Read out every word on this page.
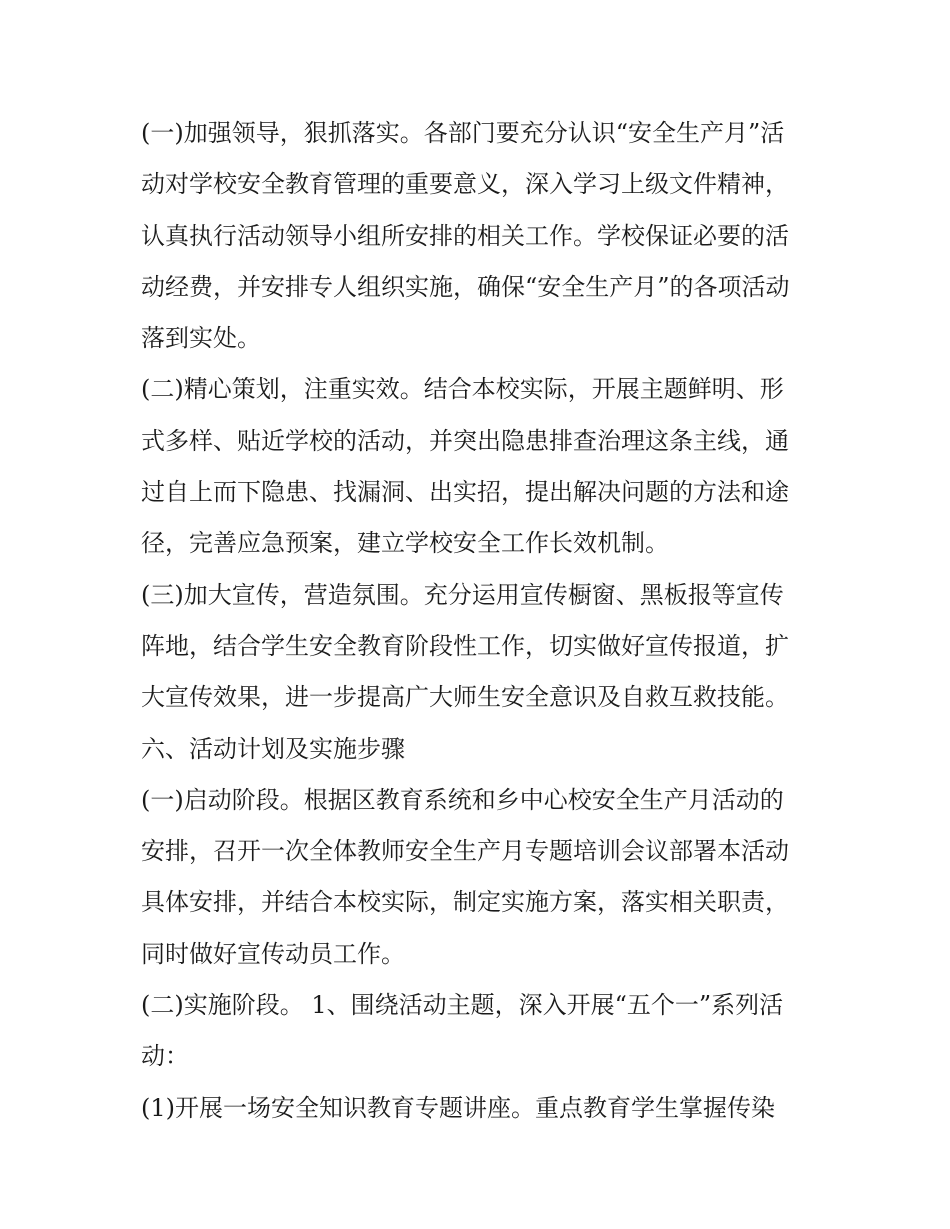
(一)加强领导，狠抓落实。各部门要充分认识“安全生产月”活
动对学校安全教育管理的重要意义，深入学习上级文件精神，
认真执行活动领导小组所安排的相关工作。学校保证必要的活
动经费，并安排专人组织实施，确保“安全生产月”的各项活动
落到实处。
(二)精心策划，注重实效。结合本校实际，开展主题鲜明、形
式多样、贴近学校的活动，并突出隐患排查治理这条主线，通
过自上而下隐患、找漏洞、出实招，提出解决问题的方法和途
径，完善应急预案，建立学校安全工作长效机制。
(三)加大宣传，营造氛围。充分运用宣传橱窗、黑板报等宣传
阵地，结合学生安全教育阶段性工作，切实做好宣传报道，扩
大宣传效果，进一步提高广大师生安全意识及自救互救技能。
六、活动计划及实施步骤
(一)启动阶段。根据区教育系统和乡中心校安全生产月活动的
安排，召开一次全体教师安全生产月专题培训会议部署本活动
具体安排，并结合本校实际，制定实施方案，落实相关职责，
同时做好宣传动员工作。
(二)实施阶段。 1、围绕活动主题，深入开展“五个一”系列活
动：
(1)开展一场安全知识教育专题讲座。重点教育学生掌握传染
